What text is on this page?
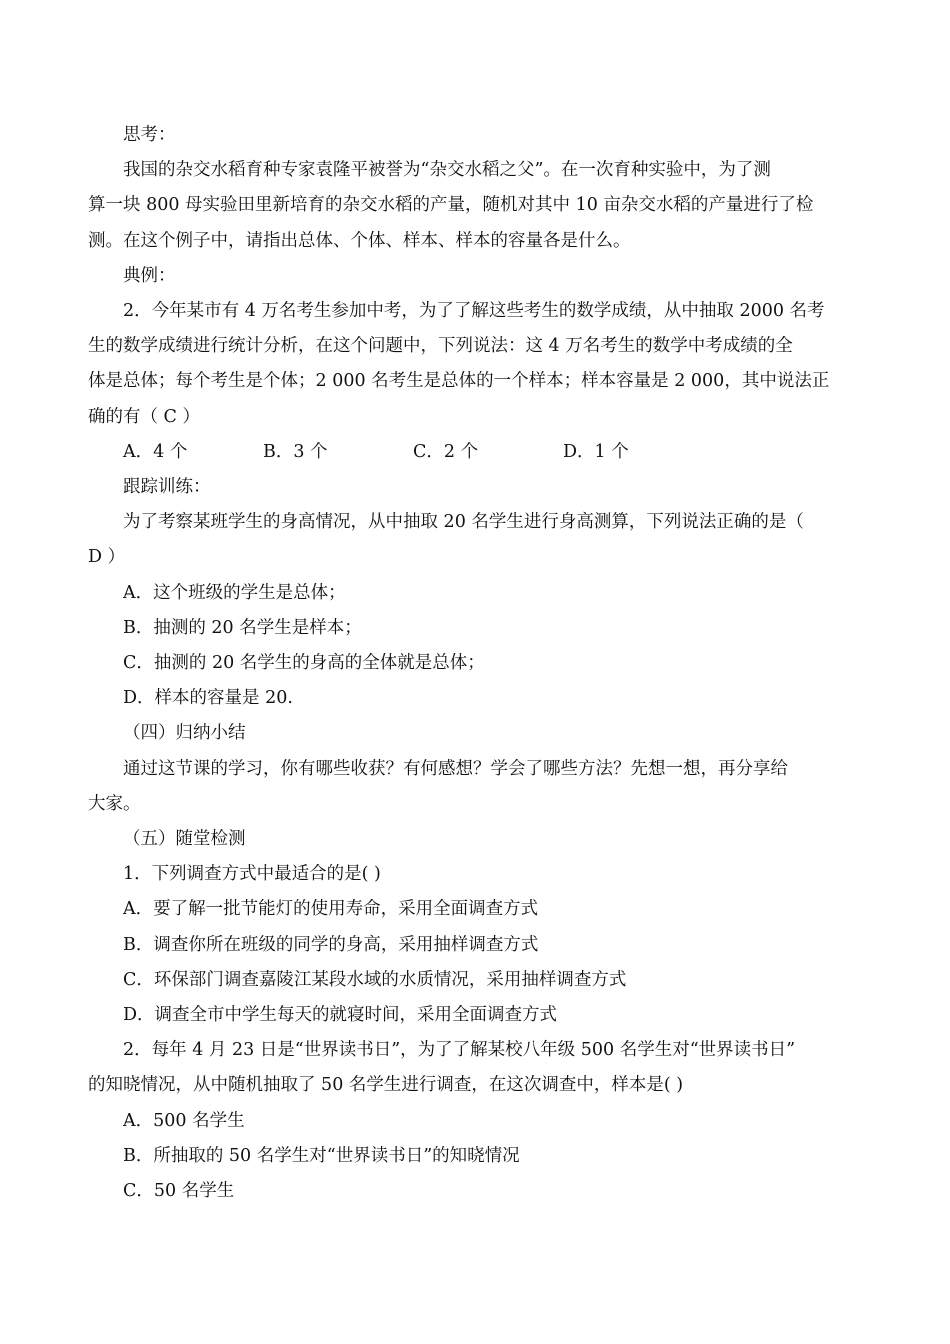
思考：

我国的杂交水稻育种专家袁隆平被誉为“杂交水稻之父”。在一次育种实验中，为了测

算一块 800 母实验田里新培育的杂交水稻的产量，随机对其中 10 亩杂交水稻的产量进行了检

测。在这个例子中，请指出总体、个体、样本、样本的容量各是什么。

典例：

2．今年某市有 4 万名考生参加中考，为了了解这些考生的数学成绩，从中抽取 2000 名考

生的数学成绩进行统计分析，在这个问题中，下列说法：这 4 万名考生的数学中考成绩的全

体是总体；每个考生是个体；2 000 名考生是总体的一个样本；样本容量是 2 000，其中说法正

确的有（ C ）

A．4 个	B．3 个	C．2 个	D．1 个

跟踪训练：

为了考察某班学生的身高情况，从中抽取 20 名学生进行身高测算，下列说法正确的是（

D ）

A．这个班级的学生是总体；

B．抽测的 20 名学生是样本；

C．抽测的 20 名学生的身高的全体就是总体；

D．样本的容量是 20.

（四）归纳小结

通过这节课的学习，你有哪些收获？有何感想？学会了哪些方法？先想一想，再分享给

大家。

（五）随堂检测

1．下列调查方式中最适合的是( )

A．要了解一批节能灯的使用寿命，采用全面调查方式

B．调查你所在班级的同学的身高，采用抽样调查方式

C．环保部门调查嘉陵江某段水域的水质情况，采用抽样调查方式

D．调查全市中学生每天的就寝时间，采用全面调查方式

2．每年 4 月 23 日是“世界读书日”，为了了解某校八年级 500 名学生对“世界读书日”

的知晓情况，从中随机抽取了 50 名学生进行调查，在这次调查中，样本是( )

A．500 名学生

B．所抽取的 50 名学生对“世界读书日”的知晓情况

C．50 名学生
